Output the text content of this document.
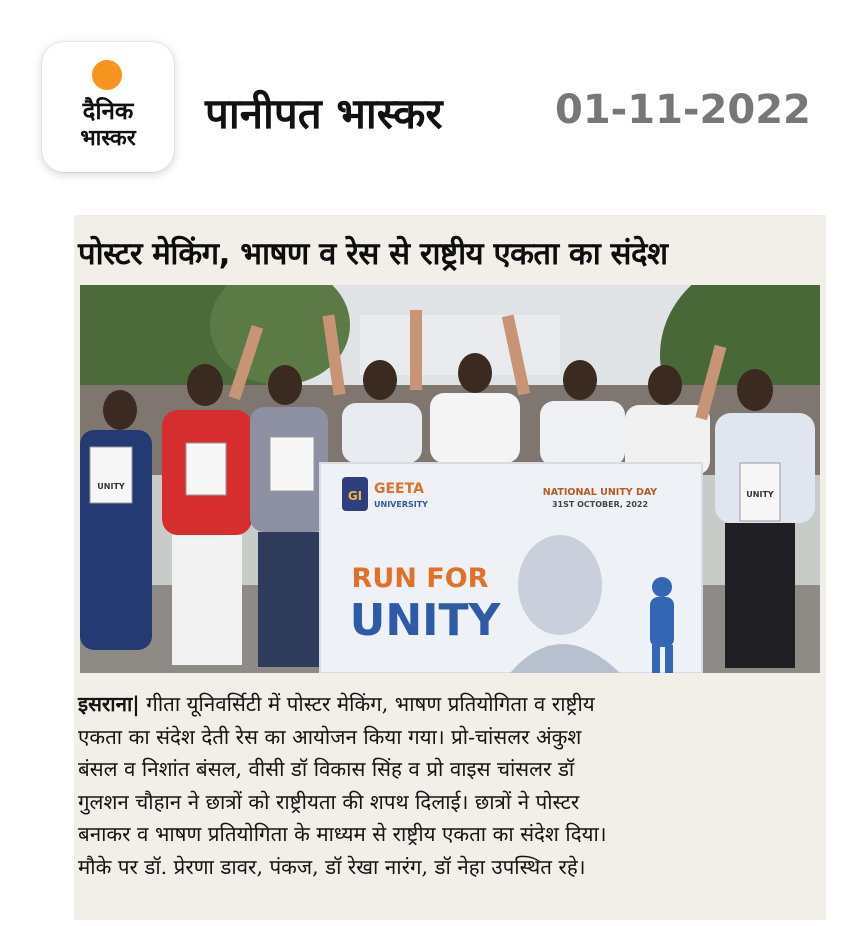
दैनिक
भास्कर
पानीपत भास्कर	01-11-2022
पोस्टर मेकिंग, भाषण व रेस से राष्ट्रीय एकता का संदेश
UNITY
UNITY
GI GEETA
UNIVERSITY
NATIONAL UNITY DAY
31ST OCTOBER, 2022
RUN FOR
UNITY
इसराना| गीता यूनिवर्सिटी में पोस्टर मेकिंग, भाषण प्रतियोगिता व राष्ट्रीय
एकता का संदेश देती रेस का आयोजन किया गया। प्रो-चांसलर अंकुश
बंसल व निशांत बंसल, वीसी डॉ विकास सिंह व प्रो वाइस चांसलर डॉ
गुलशन चौहान ने छात्रों को राष्ट्रीयता की शपथ दिलाई। छात्रों ने पोस्टर
बनाकर व भाषण प्रतियोगिता के माध्यम से राष्ट्रीय एकता का संदेश दिया।
मौके पर डॉ. प्रेरणा डावर, पंकज, डॉ रेखा नारंग, डॉ नेहा उपस्थित रहे।
